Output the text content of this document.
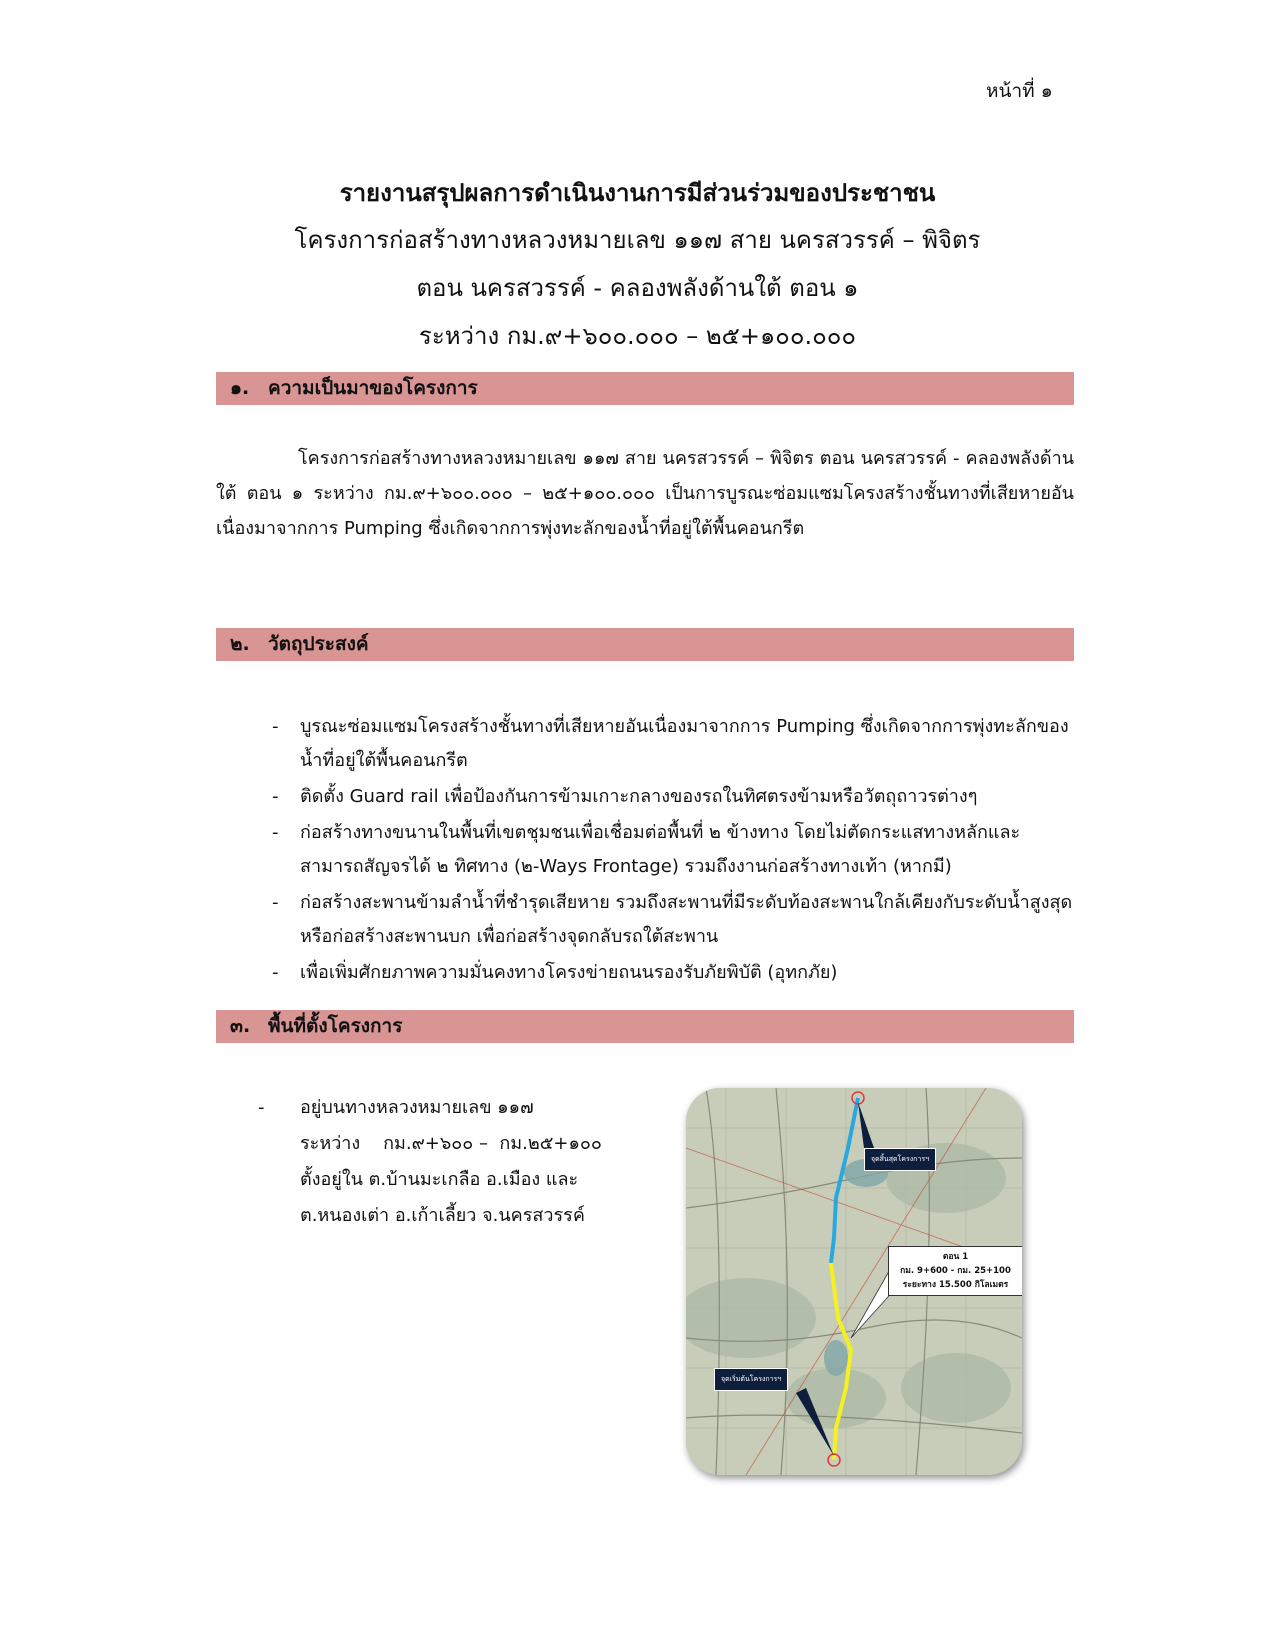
หน้าที่ ๑
รายงานสรุปผลการดำเนินงานการมีส่วนร่วมของประชาชน
โครงการก่อสร้างทางหลวงหมายเลข ๑๑๗ สาย นครสวรรค์ – พิจิตร
ตอน นครสวรรค์ - คลองพลังด้านใต้ ตอน ๑
ระหว่าง กม.๙+๖๐๐.๐๐๐ – ๒๕+๑๐๐.๐๐๐
๑. ความเป็นมาของโครงการ
โครงการก่อสร้างทางหลวงหมายเลข ๑๑๗ สาย นครสวรรค์ – พิจิตร ตอน นครสวรรค์ - คลองพลังด้านใต้ ตอน ๑ ระหว่าง กม.๙+๖๐๐.๐๐๐ – ๒๕+๑๐๐.๐๐๐ เป็นการบูรณะซ่อมแซมโครงสร้างชั้นทางที่เสียหายอันเนื่องมาจากการ Pumping ซึ่งเกิดจากการพุ่งทะลักของน้ำที่อยู่ใต้พื้นคอนกรีต
๒. วัตถุประสงค์
- บูรณะซ่อมแซมโครงสร้างชั้นทางที่เสียหายอันเนื่องมาจากการ Pumping ซึ่งเกิดจากการพุ่งทะลักของน้ำที่อยู่ใต้พื้นคอนกรีต
- ติดตั้ง Guard rail เพื่อป้องกันการข้ามเกาะกลางของรถในทิศตรงข้ามหรือวัตถุถาวรต่างๆ
- ก่อสร้างทางขนานในพื้นที่เขตชุมชนเพื่อเชื่อมต่อพื้นที่ ๒ ข้างทาง โดยไม่ตัดกระแสทางหลักและสามารถสัญจรได้ ๒ ทิศทาง (๒-Ways Frontage) รวมถึงงานก่อสร้างทางเท้า (หากมี)
- ก่อสร้างสะพานข้ามลำน้ำที่ชำรุดเสียหาย รวมถึงสะพานที่มีระดับท้องสะพานใกล้เคียงกับระดับน้ำสูงสุด หรือก่อสร้างสะพานบก เพื่อก่อสร้างจุดกลับรถใต้สะพาน
- เพื่อเพิ่มศักยภาพความมั่นคงทางโครงข่ายถนนรองรับภัยพิบัติ (อุทกภัย)
๓. พื้นที่ตั้งโครงการ
- อยู่บนทางหลวงหมายเลข ๑๑๗
ระหว่าง    กม.๙+๖๐๐ –  กม.๒๕+๑๐๐
ตั้งอยู่ใน ต.บ้านมะเกลือ อ.เมือง และ
ต.หนองเต่า อ.เก้าเลี้ยว จ.นครสวรรค์
จุดสิ้นสุดโครงการฯ
จุดเริ่มต้นโครงการฯ
ตอน 1
กม. 9+600 - กม. 25+100
ระยะทาง 15.500 กิโลเมตร
